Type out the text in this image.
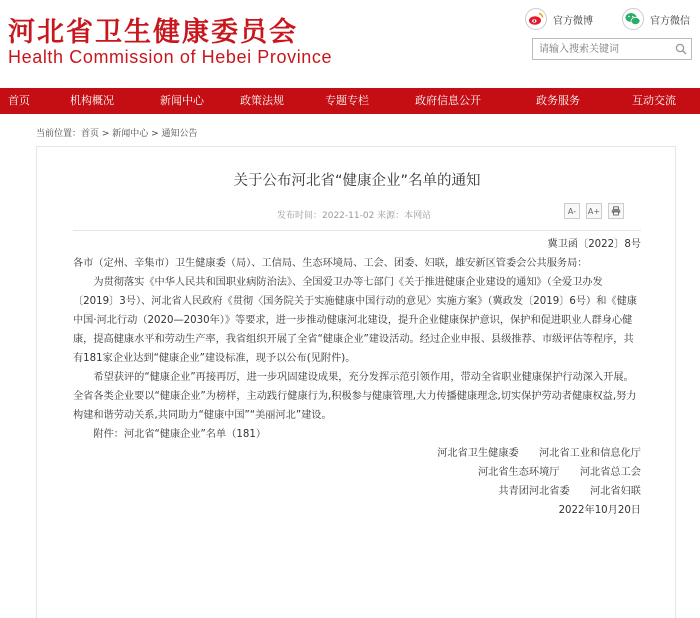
河北省卫生健康委员会
Health Commission of Hebei Province
官方微博	官方微信
请输入搜索关键词
首页	机构概况	新闻中心	政策法规	专题专栏	政府信息公开	政务服务	互动交流
当前位置：首页 > 新闻中心 > 通知公告
关于公布河北省“健康企业”名单的通知
发布时间：2022-11-02 来源：本网站	A-	A+

冀卫函〔2022〕8号

各市（定州、辛集市）卫生健康委（局）、工信局、生态环境局、工会、团委、妇联，雄安新区管委会公共服务局：

为贯彻落实《中华人民共和国职业病防治法》、全国爱卫办等七部门《关于推进健康企业建设的通知》（全爱卫办发〔2019〕3号）、河北省人民政府《贯彻〈国务院关于实施健康中国行动的意见〉实施方案》（冀政发〔2019〕6号）和《健康中国·河北行动（2020—2030年）》等要求，进一步推动健康河北建设，提升企业健康保护意识，保护和促进职业人群身心健康，提高健康水平和劳动生产率，我省组织开展了全省“健康企业”建设活动。经过企业申报、县级推荐、市级评估等程序，共有181家企业达到“健康企业”建设标准，现予以公布(见附件)。

希望获评的“健康企业”再接再厉，进一步巩固建设成果，充分发挥示范引领作用，带动全省职业健康保护行动深入开展。全省各类企业要以“健康企业”为榜样，主动践行健康行为,积极参与健康管理,大力传播健康理念,切实保护劳动者健康权益,努力构建和谐劳动关系,共同助力“健康中国”“美丽河北”建设。

附件：河北省“健康企业”名单（181）

河北省卫生健康委　　河北省工业和信息化厅

河北省生态环境厅　　河北省总工会

共青团河北省委　　河北省妇联

2022年10月20日
